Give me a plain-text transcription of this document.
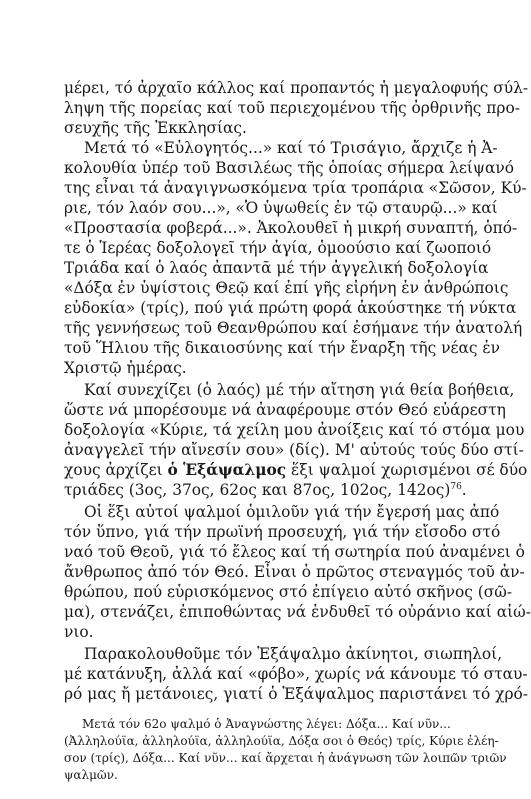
μέρει, τό ἀρχαῖο κάλλος καί προπαντός ἡ μεγαλοφυής σύλ-
ληψη τῆς πορείας καί τοῦ περιεχομένου τῆς ὀρθρινῆς προ-
σευχῆς τῆς Ἐκκλησίας.
Μετά τό «Εὐλογητός...» καί τό Τρισάγιο, ἄρχιζε ἡ Ἀ-
κολουθία ὑπέρ τοῦ Βασιλέως τῆς ὁποίας σήμερα λείψανό
της εἶναι τά ἀναγιγνωσκόμενα τρία τροπάρια «Σῶσον, Κύ-
ριε, τόν λαόν σου...», «Ὁ ὑψωθείς ἐν τῷ σταυρῷ...» καί
«Προστασία φοβερά...». Ἀκολουθεῖ ἡ μικρή συναπτή, ὁπό-
τε ὁ Ἱερέας δοξολογεῖ τήν ἁγία, ὁμοούσιο καί ζωοποιό
Τριάδα καί ὁ λαός ἀπαντᾶ μέ τήν ἀγγελική δοξολογία
«Δόξα ἐν ὑψίστοις Θεῷ καί ἐπί γῆς εἰρήνη ἐν ἀνθρώποις
εὐδοκία» (τρίς), πού γιά πρώτη φορά ἀκούστηκε τή νύκτα
τῆς γεννήσεως τοῦ Θεανθρώπου καί ἐσήμανε τήν ἀνατολή
τοῦ Ἥλιου τῆς δικαιοσύνης καί τήν ἔναρξη τῆς νέας ἐν
Χριστῷ ἡμέρας.
Καί συνεχίζει (ὁ λαός) μέ τήν αἴτηση γιά θεία βοήθεια,
ὥστε νά μπορέσουμε νά ἀναφέρουμε στόν Θεό εὐάρεστη
δοξολογία «Κύριε, τά χείλη μου ἀνοίξεις καί τό στόμα μου
ἀναγγελεῖ τήν αἴνεσίν σου» (δίς). Μ' αὐτούς τούς δύο στί-
χους ἀρχίζει ὁ Ἑξάψαλμος ἕξι ψαλμοί χωρισμένοι σέ δύο
τριάδες (3ος, 37ος, 62ος και 87ος, 102ος, 142ος)$^{76}$.
Οἱ ἕξι αὐτοί ψαλμοί ὁμιλοῦν γιά τήν ἔγερσή μας ἀπό
τόν ὕπνο, γιά τήν πρωϊνή προσευχή, γιά τήν εἴσοδο στό
ναό τοῦ Θεοῦ, γιά τό ἔλεος καί τή σωτηρία πού ἀναμένει ὁ
ἄνθρωπος ἀπό τόν Θεό. Εἶναι ὁ πρῶτος στεναγμός τοῦ ἀν-
θρώπου, πού εὑρισκόμενος στό ἐπίγειο αὐτό σκῆνος (σῶ-
μα), στενάζει, ἐπιποθώντας νά ἐνδυθεῖ τό οὐράνιο καί αἰώ-
νιο.
Παρακολουθοῦμε τόν Ἑξάψαλμο ἀκίνητοι, σιωπηλοί,
μέ κατάνυξη, ἀλλά καί «φόβο», χωρίς νά κάνουμε τό σταυ-
ρό μας ἤ μετάνοιες, γιατί ὁ Ἑξάψαλμος παριστάνει τό χρό-
Μετά τόν 62ο ψαλμό ὁ Ἀναγνώστης λέγει: Δόξα... Καί νῦν...
(Ἀλληλούϊα, ἀλληλούϊα, ἀλληλούϊα, Δόξα σοι ὁ Θεός) τρίς, Κύριε ἐλέη-
σον (τρίς), Δόξα... Καί νῦν... καί ἄρχεται ἡ ἀνάγνωση τῶν λοιπῶν τριῶν
ψαλμῶν.
